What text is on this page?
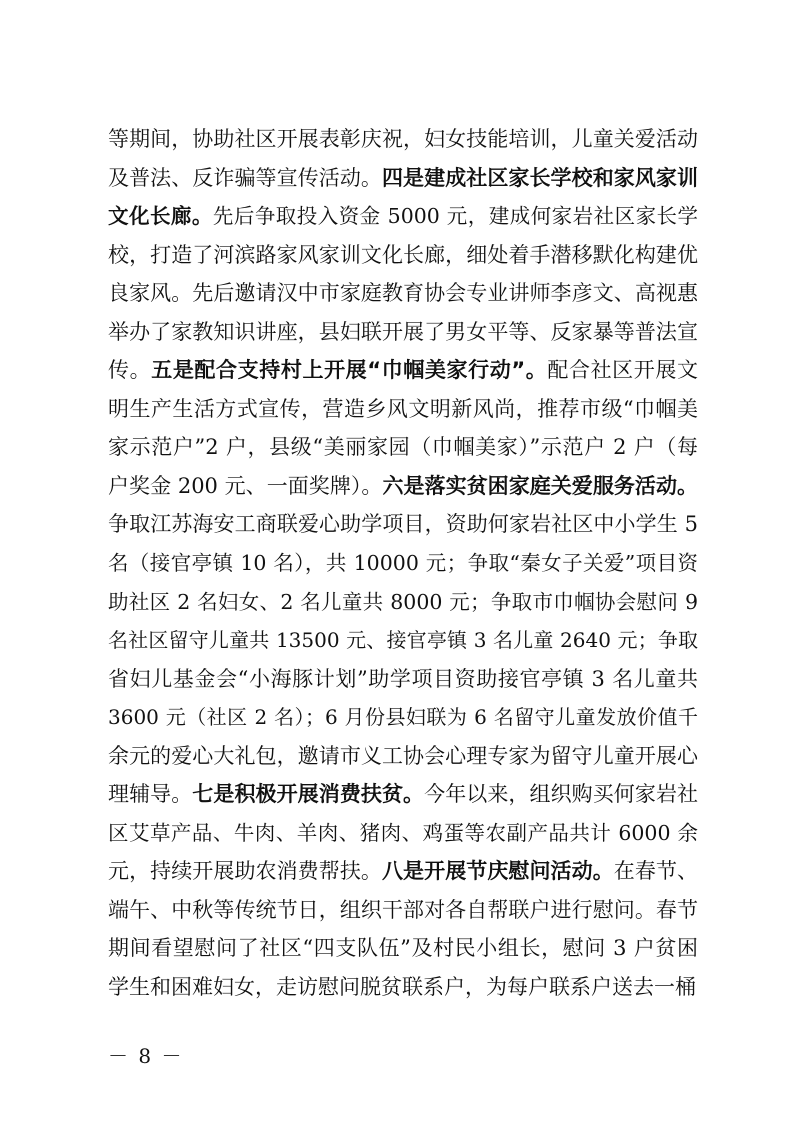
等期间，协助社区开展表彰庆祝，妇女技能培训，儿童关爱活动
及普法、反诈骗等宣传活动。四是建成社区家长学校和家风家训
文化长廊。先后争取投入资金 5000 元，建成何家岩社区家长学
校，打造了河滨路家风家训文化长廊，细处着手潜移默化构建优
良家风。先后邀请汉中市家庭教育协会专业讲师李彦文、高视惠
举办了家教知识讲座，县妇联开展了男女平等、反家暴等普法宣
传。五是配合支持村上开展“巾帼美家行动”。配合社区开展文
明生产生活方式宣传，营造乡风文明新风尚，推荐市级“巾帼美
家示范户”2 户，县级“美丽家园（巾帼美家）”示范户 2 户（每
户奖金 200 元、一面奖牌）。六是落实贫困家庭关爱服务活动。
争取江苏海安工商联爱心助学项目，资助何家岩社区中小学生 5
名（接官亭镇 10 名），共 10000 元；争取“秦女子关爱”项目资
助社区 2 名妇女、2 名儿童共 8000 元；争取市巾帼协会慰问 9
名社区留守儿童共 13500 元、接官亭镇 3 名儿童 2640 元；争取
省妇儿基金会“小海豚计划”助学项目资助接官亭镇 3 名儿童共
3600 元（社区 2 名）；6 月份县妇联为 6 名留守儿童发放价值千
余元的爱心大礼包，邀请市义工协会心理专家为留守儿童开展心
理辅导。七是积极开展消费扶贫。今年以来，组织购买何家岩社
区艾草产品、牛肉、羊肉、猪肉、鸡蛋等农副产品共计 6000 余
元，持续开展助农消费帮扶。八是开展节庆慰问活动。在春节、
端午、中秋等传统节日，组织干部对各自帮联户进行慰问。春节
期间看望慰问了社区“四支队伍”及村民小组长，慰问 3 户贫困
学生和困难妇女，走访慰问脱贫联系户，为每户联系户送去一桶
－ 8 －
